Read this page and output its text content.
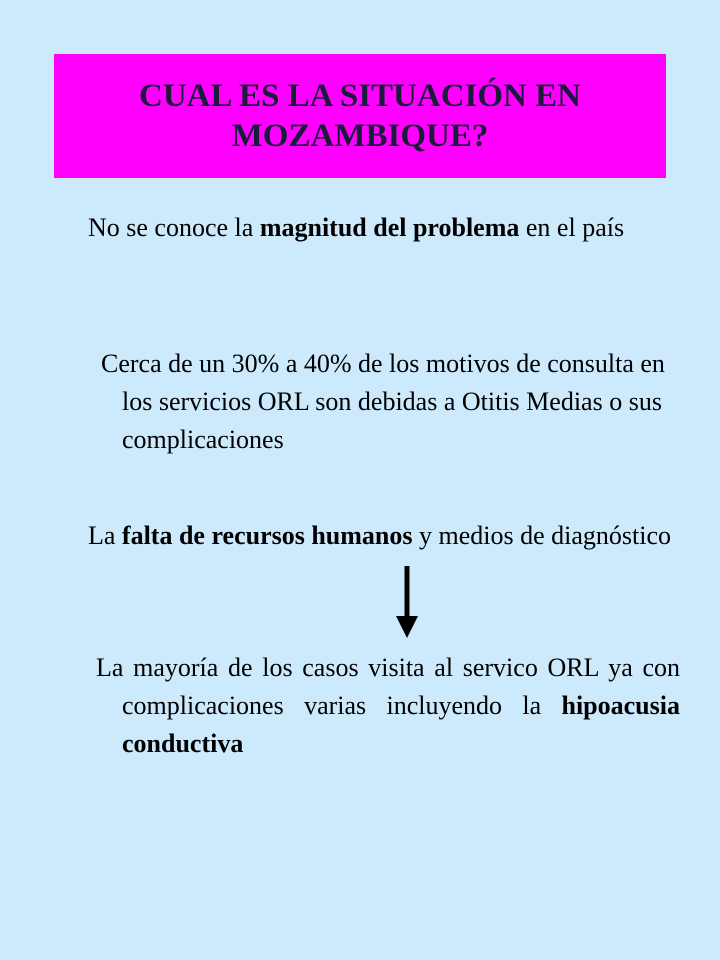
CUAL ES LA SITUACIÓN EN
MOZAMBIQUE?

No se conoce la magnitud del problema en el país

Cerca de un 30% a 40% de los motivos de consulta en los servicios ORL son debidas a Otitis Medias o sus complicaciones

La falta de recursos humanos y medios de diagnóstico

La mayoría de los casos visita al servico ORL ya con complicaciones varias incluyendo la hipoacusia conductiva
